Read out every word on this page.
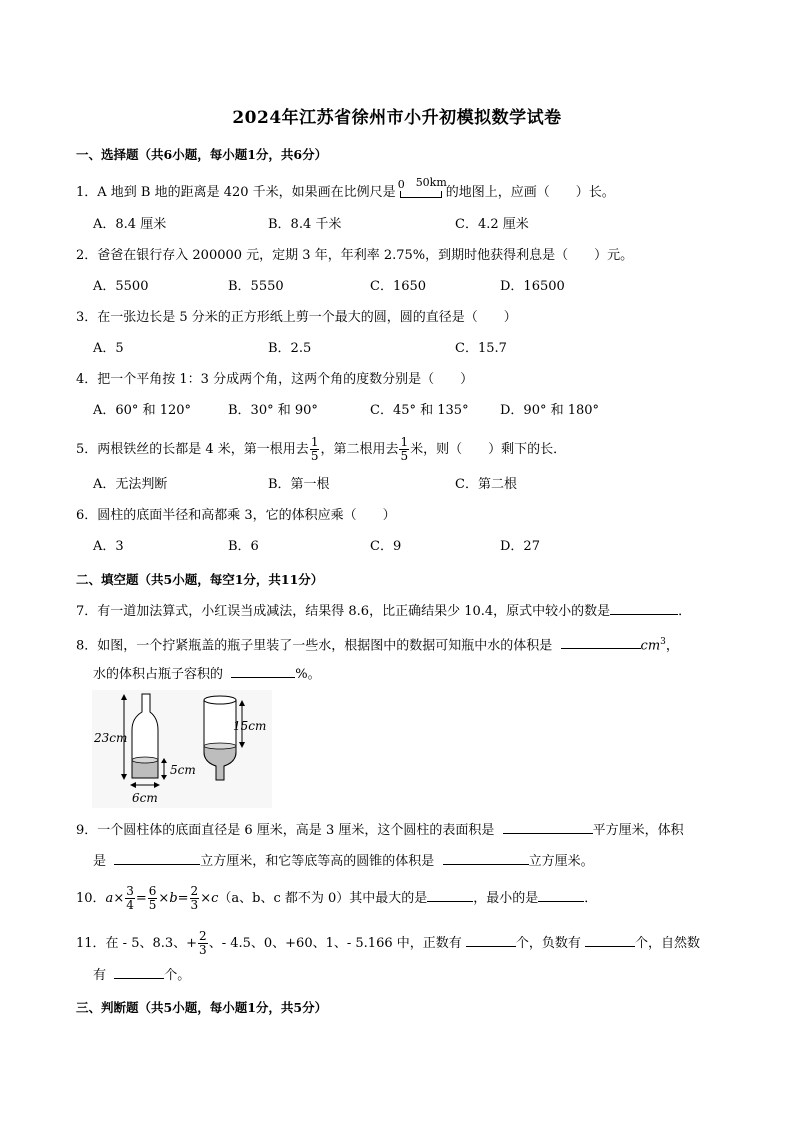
2024年江苏省徐州市小升初模拟数学试卷
一、选择题（共6小题，每小题1分，共6分）
1．A 地到 B 地的距离是 420 千米，如果画在比例尺是
0 50km
的地图上，应画（　　）长。
A．8.4 厘米	B．8.4 千米	C．4.2 厘米
2．爸爸在银行存入 200000 元，定期 3 年，年利率 2.75%，到期时他获得利息是（　　）元。
A．5500	B．5550	C．1650	D．16500
3．在一张边长是 5 分米的正方形纸上剪一个最大的圆，圆的直径是（　　）
A．5	B．2.5	C．15.7
4．把一个平角按 1：3 分成两个角，这两个角的度数分别是（　　）
A．60° 和 120°	B．30° 和 90°	C．45° 和 135° D．90° 和 180°
5．两根铁丝的长都是 4 米，第一根用去 $\frac{1}{5}$ ，第二根用去 $\frac{1}{5}$ 米，则（　　）剩下的长．
A．无法判断	B．第一根	C．第二根
6．圆柱的底面半径和高都乘 3，它的体积应乘（　　）
A．3	B．6	C．9	D．27
二、填空题（共5小题，每空1分，共11分）
7．有一道加法算式，小红误当成减法，结果得 8.6，比正确结果少 10.4，原式中较小的数是	．
8．如图，一个拧紧瓶盖的瓶子里装了一些水，根据图中的数据可知瓶中水的体积是	$cm^3$，
水的体积占瓶子容积的	%。
23cm
5cm
6cm
15cm
9．一个圆柱体的底面直径是 6 厘米，高是 3 厘米，这个圆柱的表面积是	平方厘米，体积
是	立方厘米，和它等底等高的圆锥的体积是	立方厘米。
10．$a\times \frac{3}{4} = \frac{6}{5} \times b= \frac{2}{3} \times c(a$、b、c 都不为 0）其中最大的是	，最小的是	．
11．在 - 5、8.3、+ $\frac{2}{3}$ 、- 4.5、0、+60、1、- 5.166 中，正数有	个，负数有	个，自然数
有	个。
三、判断题（共5小题，每小题1分，共5分）
